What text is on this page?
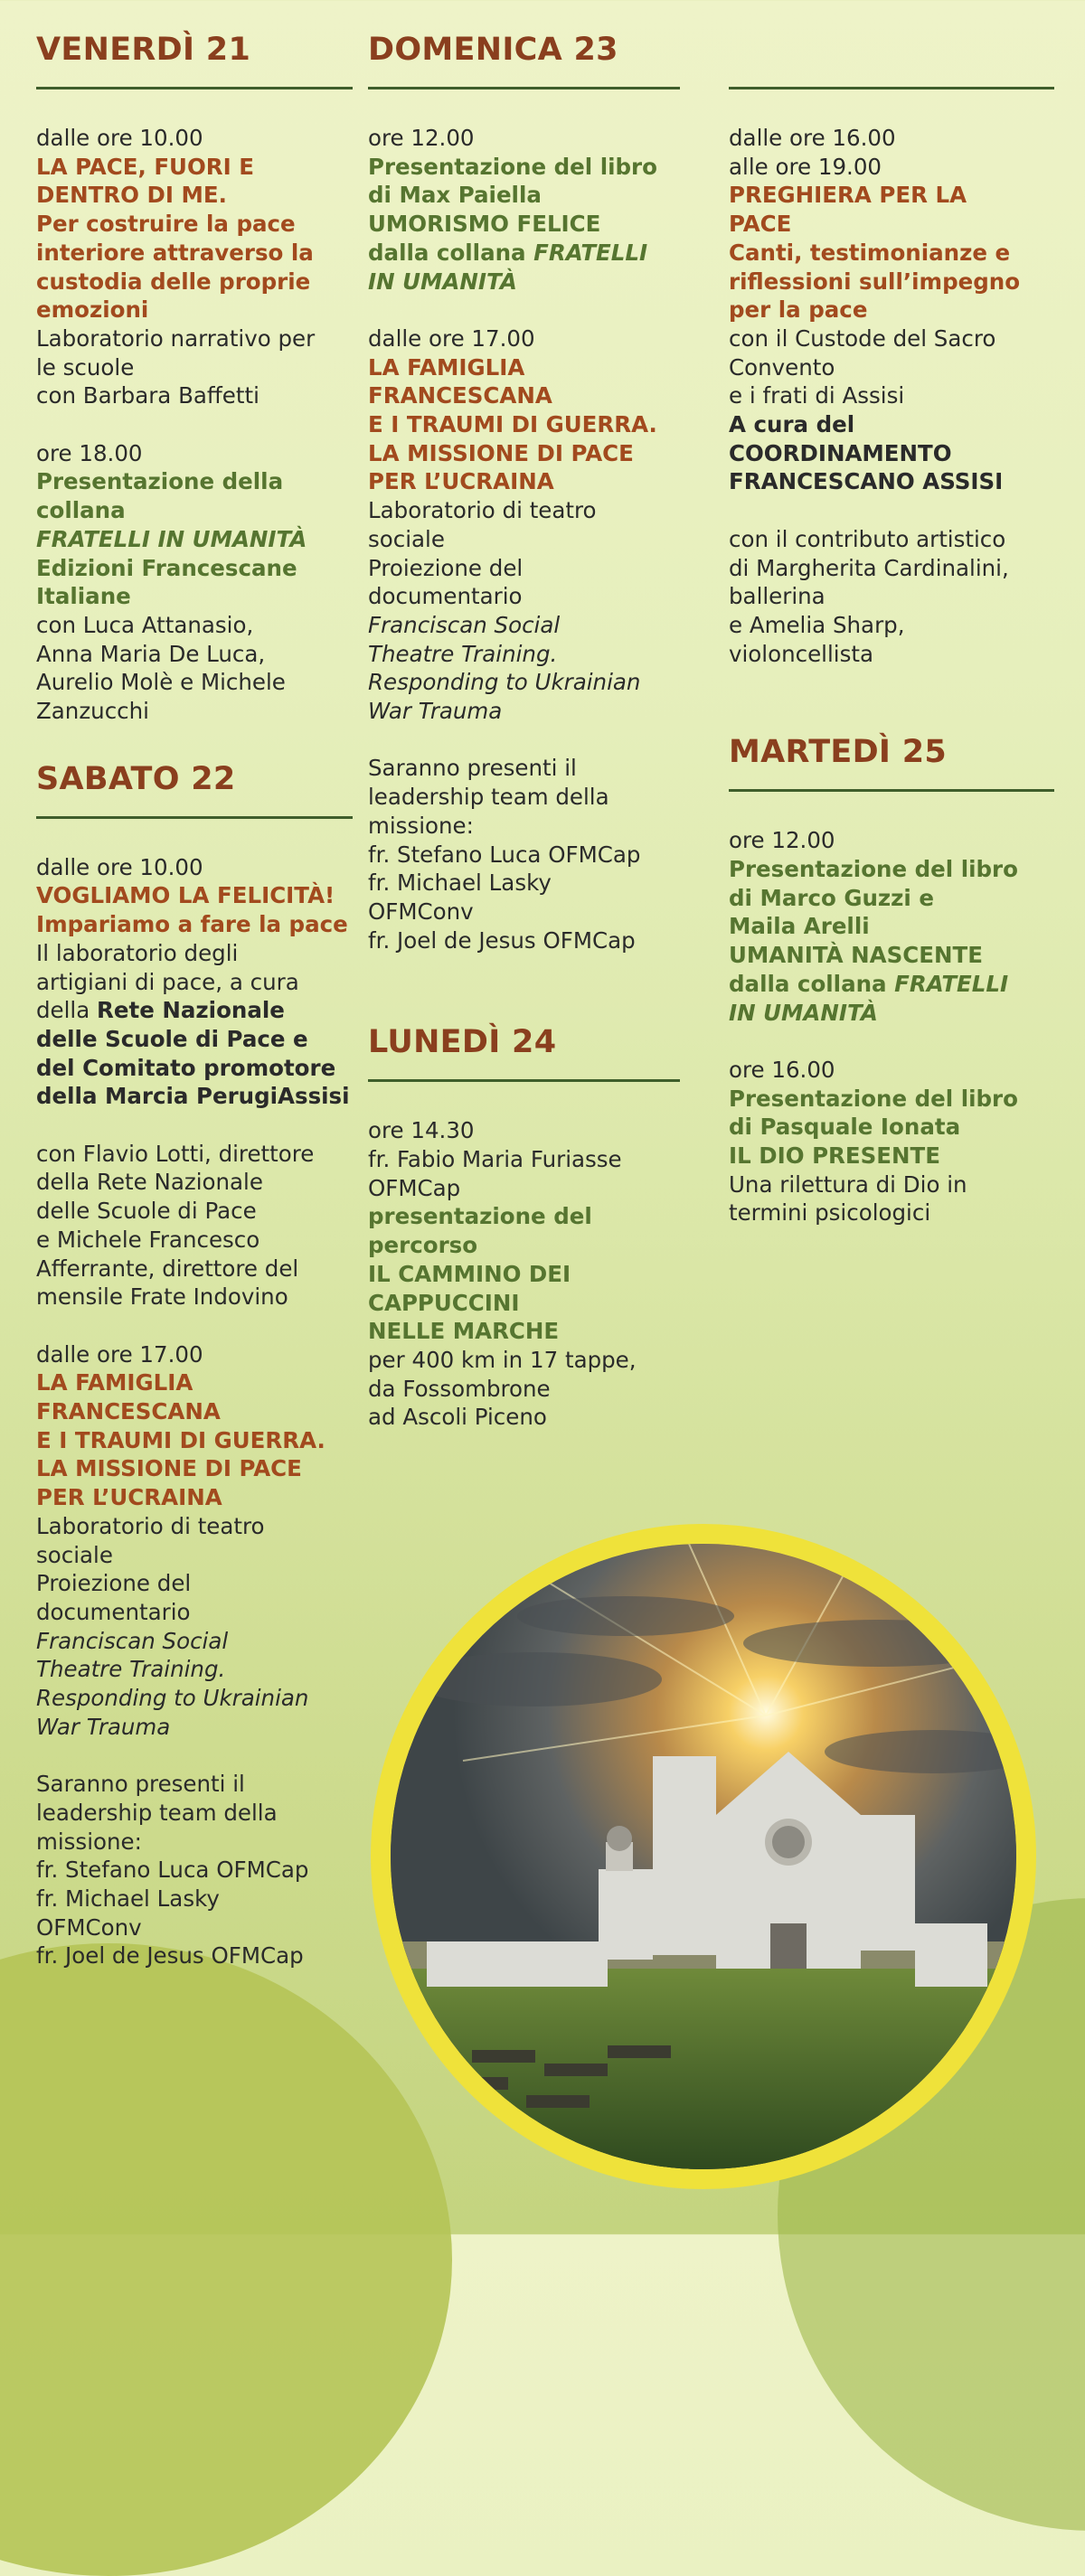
VENERDÌ 21
dalle ore 10.00
LA PACE, FUORI E
DENTRO DI ME.
Per costruire la pace
interiore attraverso la
custodia delle proprie
emozioni
Laboratorio narrativo per
le scuole
con Barbara Baffetti
ore 18.00
Presentazione della
collana
FRATELLI IN UMANITÀ
Edizioni Francescane
Italiane
con Luca Attanasio,
Anna Maria De Luca,
Aurelio Molè e Michele
Zanzucchi
SABATO 22
dalle ore 10.00
VOGLIAMO LA FELICITÀ!
Impariamo a fare la pace
Il laboratorio degli
artigiani di pace, a cura
della Rete Nazionale
delle Scuole di Pace e
del Comitato promotore
della Marcia PerugiAssisi
con Flavio Lotti, direttore
della Rete Nazionale
delle Scuole di Pace
e Michele Francesco
Afferrante, direttore del
mensile Frate Indovino
dalle ore 17.00
LA FAMIGLIA
FRANCESCANA
E I TRAUMI DI GUERRA.
LA MISSIONE DI PACE
PER L’UCRAINA
Laboratorio di teatro
sociale
Proiezione del
documentario
Franciscan Social
Theatre Training.
Responding to Ukrainian
War Trauma
Saranno presenti il
leadership team della
missione:
fr. Stefano Luca OFMCap
fr. Michael Lasky
OFMConv
fr. Joel de Jesus OFMCap
DOMENICA 23
ore 12.00
Presentazione del libro
di Max Paiella
UMORISMO FELICE
dalla collana FRATELLI
IN UMANITÀ
dalle ore 17.00
LA FAMIGLIA
FRANCESCANA
E I TRAUMI DI GUERRA.
LA MISSIONE DI PACE
PER L’UCRAINA
Laboratorio di teatro
sociale
Proiezione del
documentario
Franciscan Social
Theatre Training.
Responding to Ukrainian
War Trauma
Saranno presenti il
leadership team della
missione:
fr. Stefano Luca OFMCap
fr. Michael Lasky
OFMConv
fr. Joel de Jesus OFMCap
LUNEDÌ 24
ore 14.30
fr. Fabio Maria Furiasse
OFMCap
presentazione del
percorso
IL CAMMINO DEI
CAPPUCCINI
NELLE MARCHE
per 400 km in 17 tappe,
da Fossombrone
ad Ascoli Piceno
dalle ore 16.00
alle ore 19.00
PREGHIERA PER LA
PACE
Canti, testimonianze e
riflessioni sull’impegno
per la pace
con il Custode del Sacro
Convento
e i frati di Assisi
A cura del
COORDINAMENTO
FRANCESCANO ASSISI
con il contributo artistico
di Margherita Cardinalini,
ballerina
e Amelia Sharp,
violoncellista
MARTEDÌ 25
ore 12.00
Presentazione del libro
di Marco Guzzi e
Maila Arelli
UMANITÀ NASCENTE
dalla collana FRATELLI
IN UMANITÀ
ore 16.00
Presentazione del libro
di Pasquale Ionata
IL DIO PRESENTE
Una rilettura di Dio in
termini psicologici
